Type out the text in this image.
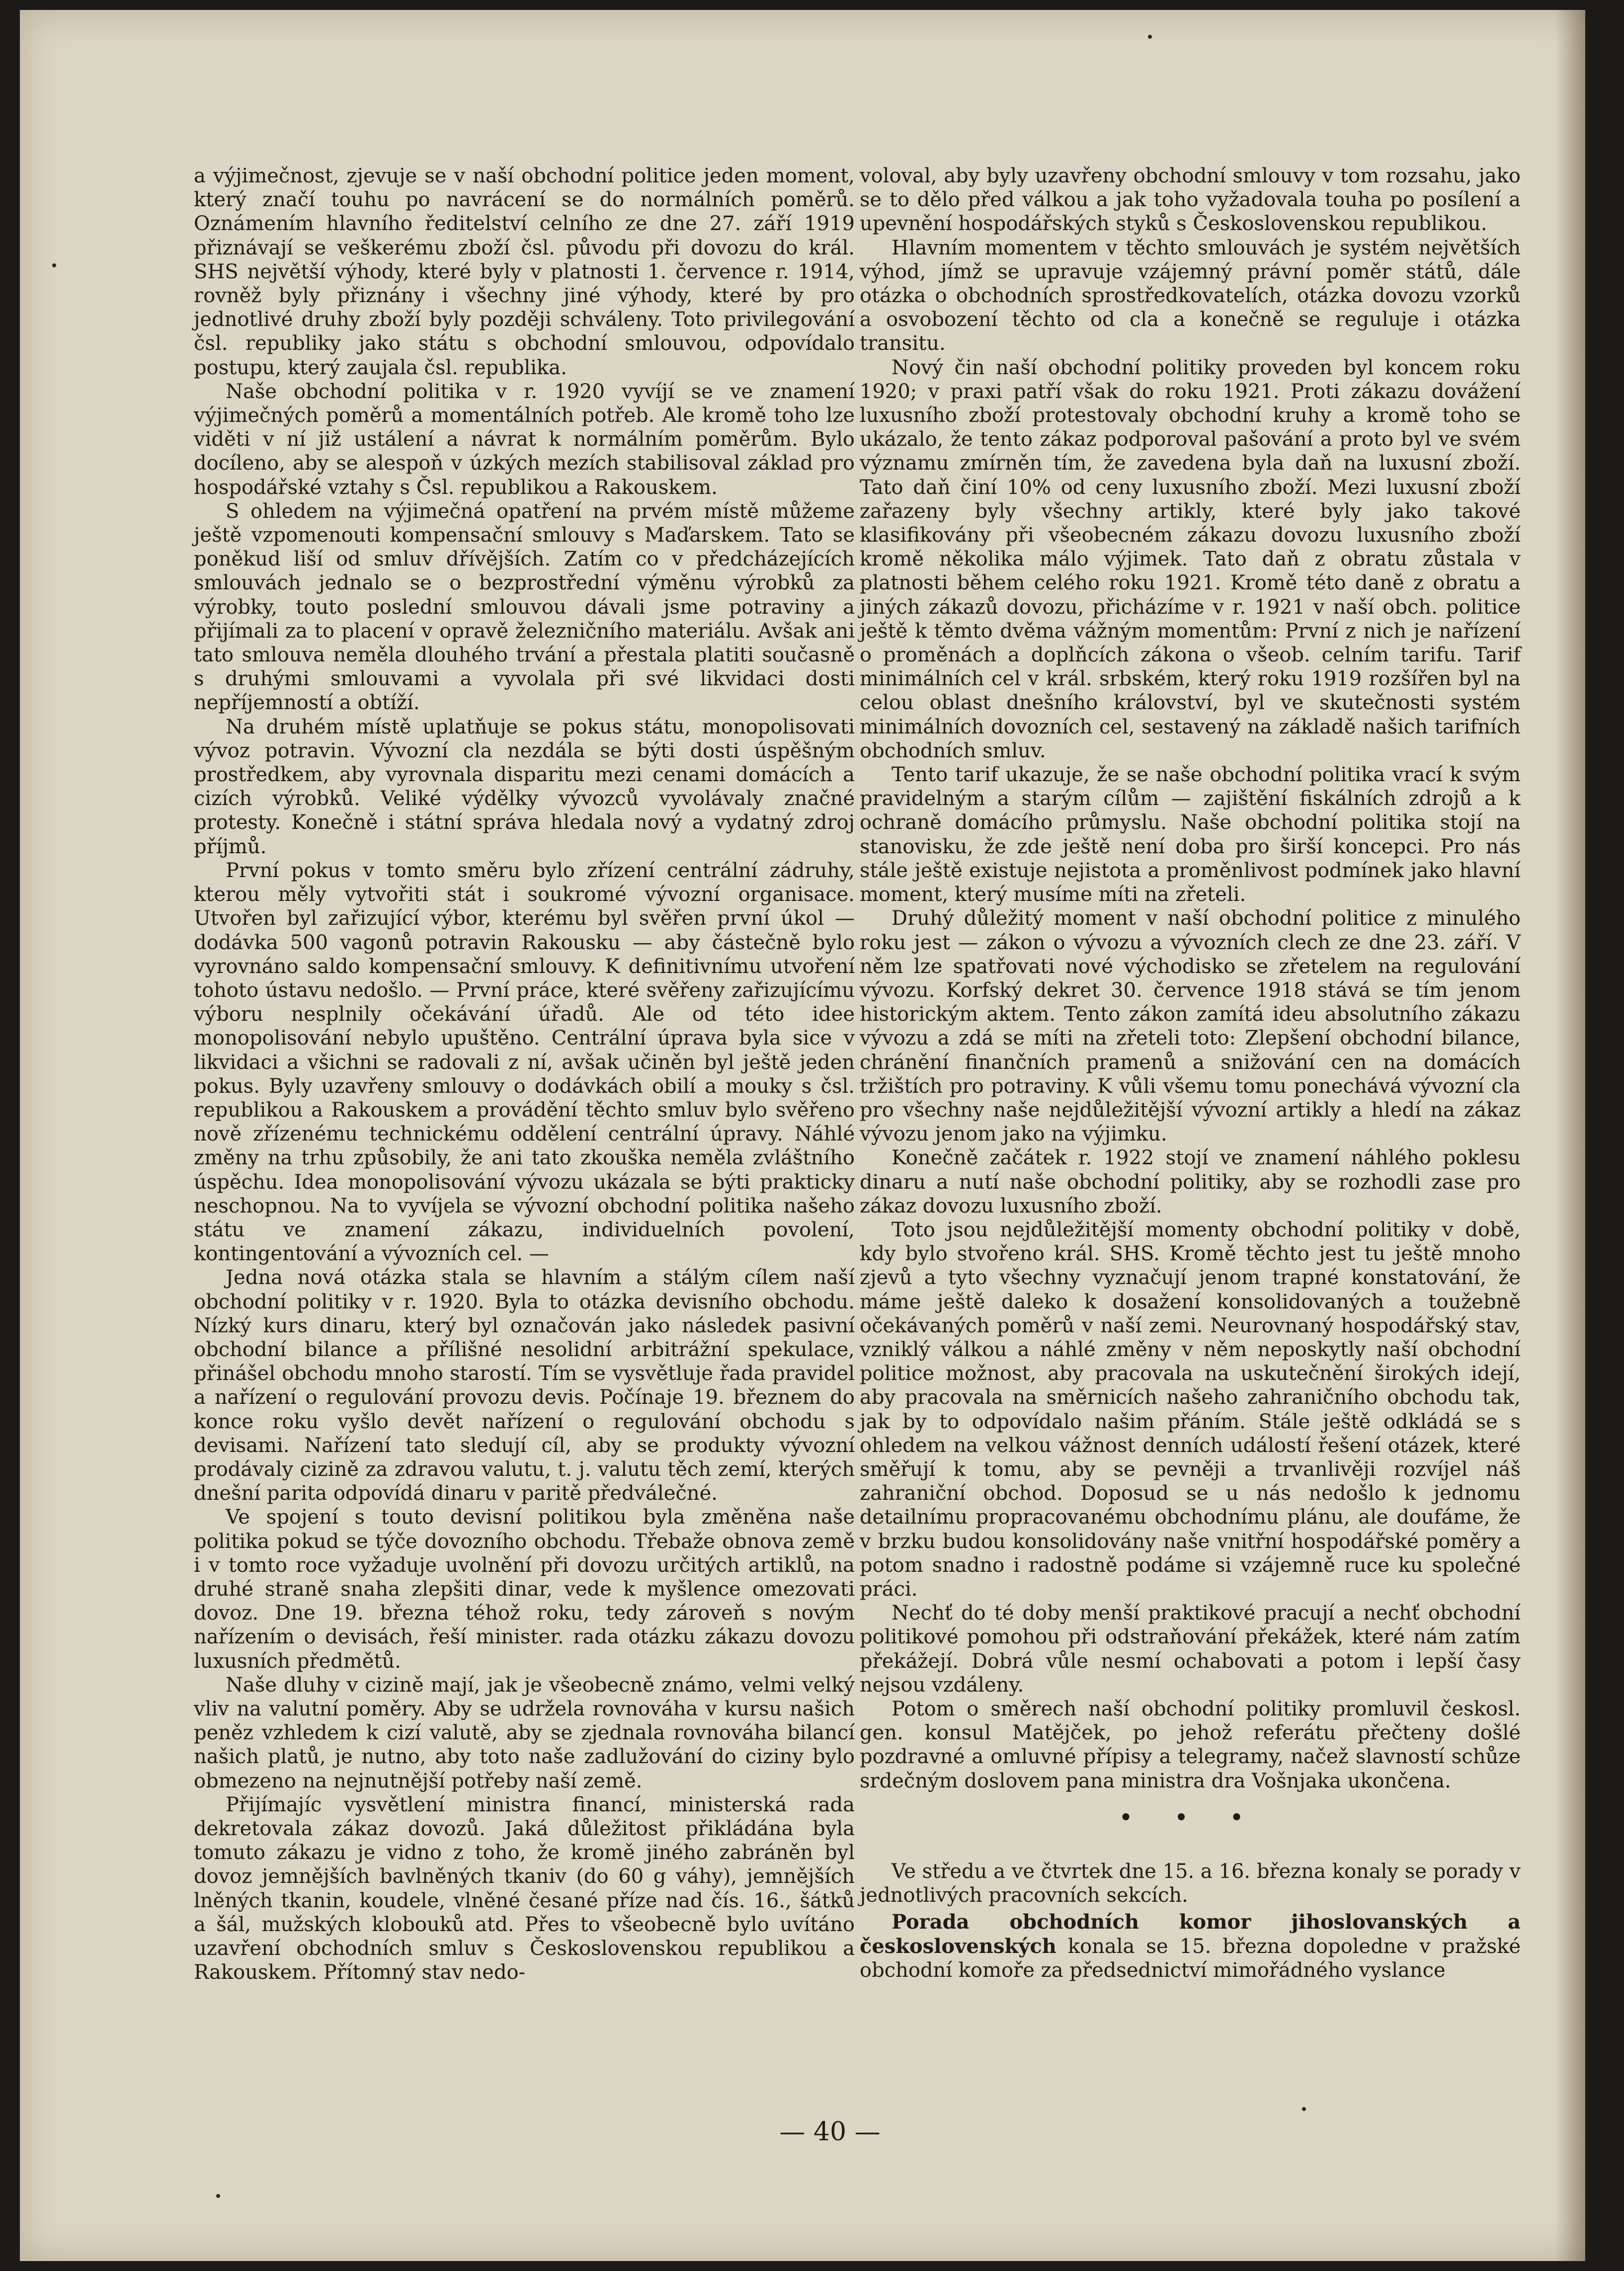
a výjimečnost, zjevuje se v naší obchodní politice jeden moment, který značí touhu po navrácení se do normálních poměrů. Oznámením hlavního ředitelství celního ze dne 27. září 1919 přiznávají se veškerému zboží čsl. původu při dovozu do král. SHS největší výhody, které byly v platnosti 1. července r. 1914, rovněž byly přiznány i všechny jiné výhody, které by pro jednotlivé druhy zboží byly později schváleny. Toto privilegování čsl. republiky jako státu s obchodní smlouvou, odpovídalo postupu, který zaujala čsl. republika.

Naše obchodní politika v r. 1920 vyvíjí se ve znamení výjimečných poměrů a momentálních potřeb. Ale kromě toho lze viděti v ní již ustálení a návrat k normálním poměrům. Bylo docíleno, aby se alespoň v úzkých mezích stabilisoval základ pro hospodářské vztahy s Čsl. republikou a Rakouskem.

S ohledem na výjimečná opatření na prvém místě můžeme ještě vzpomenouti kompensační smlouvy s Maďarskem. Tato se poněkud liší od smluv dřívějších. Zatím co v předcházejících smlouvách jednalo se o bezprostřední výměnu výrobků za výrobky, touto poslední smlouvou dávali jsme potraviny a přijímali za to placení v opravě železničního materiálu. Avšak ani tato smlouva neměla dlouhého trvání a přestala platiti současně s druhými smlouvami a vyvolala při své likvidaci dosti nepříjemností a obtíží.

Na druhém místě uplatňuje se pokus státu, monopolisovati vývoz potravin. Vývozní cla nezdála se býti dosti úspěšným prostředkem, aby vyrovnala disparitu mezi cenami domácích a cizích výrobků. Veliké výdělky vývozců vyvolávaly značné protesty. Konečně i státní správa hledala nový a vydatný zdroj příjmů.

První pokus v tomto směru bylo zřízení centrální zádruhy, kterou měly vytvořiti stát i soukromé vývozní organisace. Utvořen byl zařizující výbor, kterému byl svěřen první úkol — dodávka 500 vagonů potravin Rakousku — aby částečně bylo vyrovnáno saldo kompensační smlouvy. K definitivnímu utvoření tohoto ústavu nedošlo. — První práce, které svěřeny zařizujícímu výboru nesplnily očekávání úřadů. Ale od této idee monopolisování nebylo upuštěno. Centrální úprava byla sice v likvidaci a všichni se radovali z ní, avšak učiněn byl ještě jeden pokus. Byly uzavřeny smlouvy o dodávkách obilí a mouky s čsl. republikou a Rakouskem a provádění těchto smluv bylo svěřeno nově zřízenému technickému oddělení centrální úpravy. Náhlé změny na trhu způsobily, že ani tato zkouška neměla zvláštního úspěchu. Idea monopolisování vývozu ukázala se býti prakticky neschopnou. Na to vyvíjela se vývozní obchodní politika našeho státu ve znamení zákazu, individuelních povolení, kontingentování a vývozních cel. —

Jedna nová otázka stala se hlavním a stálým cílem naší obchodní politiky v r. 1920. Byla to otázka devisního obchodu. Nízký kurs dinaru, který byl označován jako následek pasivní obchodní bilance a přílišné nesolidní arbitrážní spekulace, přinášel obchodu mnoho starostí. Tím se vysvětluje řada pravidel a nařízení o regulování provozu devis. Počínaje 19. březnem do konce roku vyšlo devět nařízení o regulování obchodu s devisami. Nařízení tato sledují cíl, aby se produkty vývozní prodávaly cizině za zdravou valutu, t. j. valutu těch zemí, kterých dnešní parita odpovídá dinaru v paritě předválečné.

Ve spojení s touto devisní politikou byla změněna naše politika pokud se týče dovozního obchodu. Třebaže obnova země i v tomto roce vyžaduje uvolnění při dovozu určitých artiklů, na druhé straně snaha zlepšiti dinar, vede k myšlence omezovati dovoz. Dne 19. března téhož roku, tedy zároveň s novým nařízením o devisách, řeší minister. rada otázku zákazu dovozu luxusních předmětů.

Naše dluhy v cizině mají, jak je všeobecně známo, velmi velký vliv na valutní poměry. Aby se udržela rovnováha v kursu našich peněz vzhledem k cizí valutě, aby se zjednala rovnováha bilancí našich platů, je nutno, aby toto naše zadlužování do ciziny bylo obmezeno na nejnutnější potřeby naší země.

Přijímajíc vysvětlení ministra financí, ministerská rada dekretovala zákaz dovozů. Jaká důležitost přikládána byla tomuto zákazu je vidno z toho, že kromě jiného zabráněn byl dovoz jemnějších bavlněných tkaniv (do 60 g váhy), jemnějších lněných tkanin, koudele, vlněné česané příze nad čís. 16., šátků a šál, mužských klobouků atd. Přes to všeobecně bylo uvítáno uzavření obchodních smluv s Československou republikou a Rakouskem. Přítomný stav nedo-

voloval, aby byly uzavřeny obchodní smlouvy v tom rozsahu, jako se to dělo před válkou a jak toho vyžadovala touha po posílení a upevnění hospodářských styků s Československou republikou.

Hlavním momentem v těchto smlouvách je systém největších výhod, jímž se upravuje vzájemný právní poměr států, dále otázka o obchodních sprostředkovatelích, otázka dovozu vzorků a osvobození těchto od cla a konečně se reguluje i otázka transitu.

Nový čin naší obchodní politiky proveden byl koncem roku 1920; v praxi patří však do roku 1921. Proti zákazu dovážení luxusního zboží protestovaly obchodní kruhy a kromě toho se ukázalo, že tento zákaz podporoval pašování a proto byl ve svém významu zmírněn tím, že zavedena byla daň na luxusní zboží. Tato daň činí 10% od ceny luxusního zboží. Mezi luxusní zboží zařazeny byly všechny artikly, které byly jako takové klasifikovány při všeobecném zákazu dovozu luxusního zboží kromě několika málo výjimek. Tato daň z obratu zůstala v platnosti během celého roku 1921. Kromě této daně z obratu a jiných zákazů dovozu, přicházíme v r. 1921 v naší obch. politice ještě k těmto dvěma vážným momentům: První z nich je nařízení o proměnách a doplňcích zákona o všeob. celním tarifu. Tarif minimálních cel v král. srbském, který roku 1919 rozšířen byl na celou oblast dnešního království, byl ve skutečnosti systém minimálních dovozních cel, sestavený na základě našich tarifních obchodních smluv.

Tento tarif ukazuje, že se naše obchodní politika vrací k svým pravidelným a starým cílům — zajištění fiskálních zdrojů a k ochraně domácího průmyslu. Naše obchodní politika stojí na stanovisku, že zde ještě není doba pro širší koncepci. Pro nás stále ještě existuje nejistota a proměnlivost podmínek jako hlavní moment, který musíme míti na zřeteli.

Druhý důležitý moment v naší obchodní politice z minulého roku jest — zákon o vývozu a vývozních clech ze dne 23. září. V něm lze spatřovati nové východisko se zřetelem na regulování vývozu. Korfský dekret 30. července 1918 stává se tím jenom historickým aktem. Tento zákon zamítá ideu absolutního zákazu vývozu a zdá se míti na zřeteli toto: Zlepšení obchodní bilance, chránění finančních pramenů a snižování cen na domácích tržištích pro potraviny. K vůli všemu tomu ponechává vývozní cla pro všechny naše nejdůležitější vývozní artikly a hledí na zákaz vývozu jenom jako na výjimku.

Konečně začátek r. 1922 stojí ve znamení náhlého poklesu dinaru a nutí naše obchodní politiky, aby se rozhodli zase pro zákaz dovozu luxusního zboží.

Toto jsou nejdůležitější momenty obchodní politiky v době, kdy bylo stvořeno král. SHS. Kromě těchto jest tu ještě mnoho zjevů a tyto všechny vyznačují jenom trapné konstatování, že máme ještě daleko k dosažení konsolidovaných a toužebně očekávaných poměrů v naší zemi. Neurovnaný hospodářský stav, vzniklý válkou a náhlé změny v něm neposkytly naší obchodní politice možnost, aby pracovala na uskutečnění širokých idejí, aby pracovala na směrnicích našeho zahraničního obchodu tak, jak by to odpovídalo našim přáním. Stále ještě odkládá se s ohledem na velkou vážnost denních událostí řešení otázek, které směřují k tomu, aby se pevněji a trvanlivěji rozvíjel náš zahraniční obchod. Doposud se u nás nedošlo k jednomu detailnímu propracovanému obchodnímu plánu, ale doufáme, že v brzku budou konsolidovány naše vnitřní hospodářské poměry a potom snadno i radostně podáme si vzájemně ruce ku společné práci.

Nechť do té doby menší praktikové pracují a nechť obchodní politikové pomohou při odstraňování překážek, které nám zatím překážejí. Dobrá vůle nesmí ochabovati a potom i lepší časy nejsou vzdáleny.

Potom o směrech naší obchodní politiky promluvil českosl. gen. konsul Matějček, po jehož referátu přečteny došlé pozdravné a omluvné přípisy a telegramy, načež slavností schůze srdečným doslovem pana ministra dra Vošnjaka ukončena.

• • •

Ve středu a ve čtvrtek dne 15. a 16. března konaly se porady v jednotlivých pracovních sekcích.

Porada obchodních komor jihoslovanských a československých konala se 15. března dopoledne v pražské obchodní komoře za předsednictví mimořádného vyslance

— 40 —
